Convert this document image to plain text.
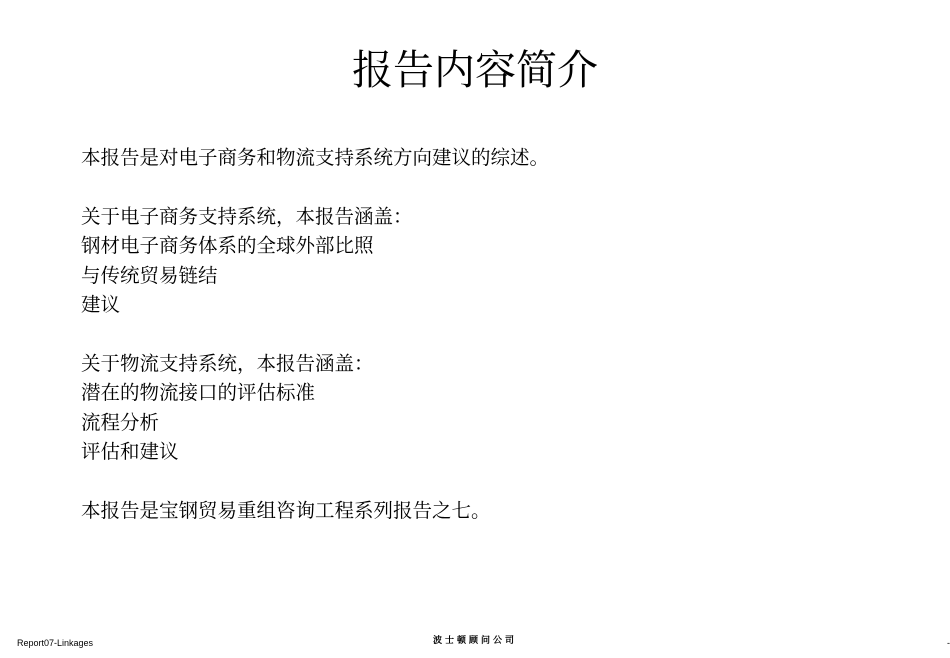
报告内容简介
本报告是对电子商务和物流支持系统方向建议的综述。
关于电子商务支持系统，本报告涵盖：
钢材电子商务体系的全球外部比照
与传统贸易链结
建议
关于物流支持系统，本报告涵盖：
潜在的物流接口的评估标准
流程分析
评估和建议
本报告是宝钢贸易重组咨询工程系列报告之七。
Report07-Linkages	波士顿顾问公司	-
